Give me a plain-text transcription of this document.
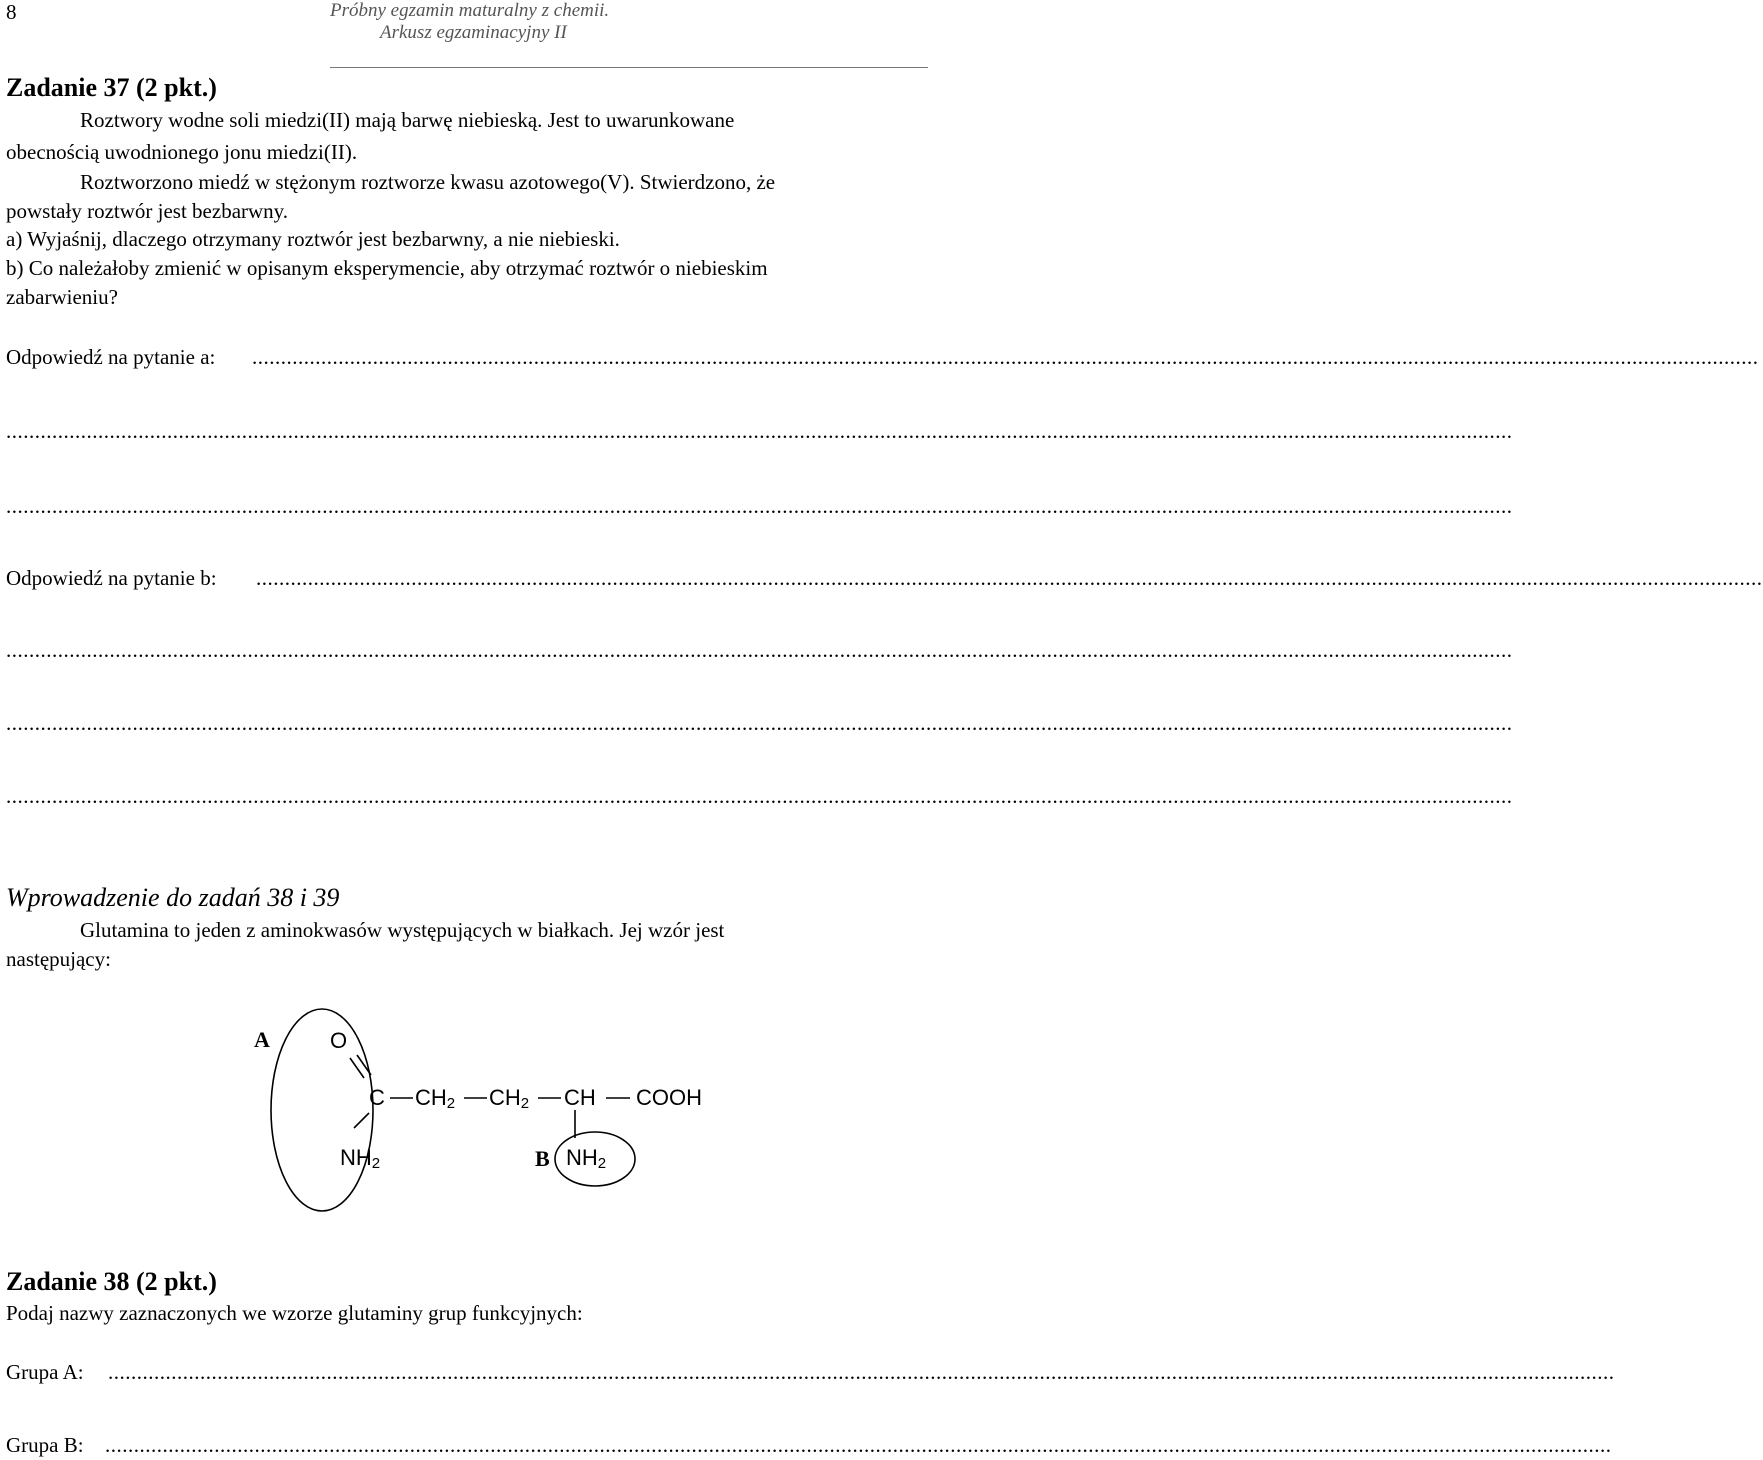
8	Próbny egzamin maturalny z chemii.
Arkusz egzaminacyjny II
Zadanie 37 (2 pkt.)
Roztwory wodne soli miedzi(II) mają barwę niebieską. Jest to uwarunkowane
obecnością uwodnionego jonu miedzi(II).
Roztworzono miedź w stężonym roztworze kwasu azotowego(V). Stwierdzono, że
powstały roztwór jest bezbarwny.
a) Wyjaśnij, dlaczego otrzymany roztwór jest bezbarwny, a nie niebieski.
b) Co należałoby zmienić w opisanym eksperymencie, aby otrzymać roztwór o niebieskim
zabarwieniu?
Odpowiedź na pytanie a: ......................................................................................................................................................................................................................................................................
......................................................................................................................................................................................................................................................................
......................................................................................................................................................................................................................................................................
Odpowiedź na pytanie b: ......................................................................................................................................................................................................................................................................
......................................................................................................................................................................................................................................................................
......................................................................................................................................................................................................................................................................
......................................................................................................................................................................................................................................................................
Wprowadzenie do zadań 38 i 39
Glutamina to jeden z aminokwasów występujących w białkach. Jej wzór jest
następujący:
A	O
C $CH_2$ $CH_2$ CH COOH
$NH_2$	B $NH_2$
Zadanie 38 (2 pkt.)
Podaj nazwy zaznaczonych we wzorze glutaminy grup funkcyjnych:
Grupa A: ......................................................................................................................................................................................................................................................................
Grupa B: ......................................................................................................................................................................................................................................................................
